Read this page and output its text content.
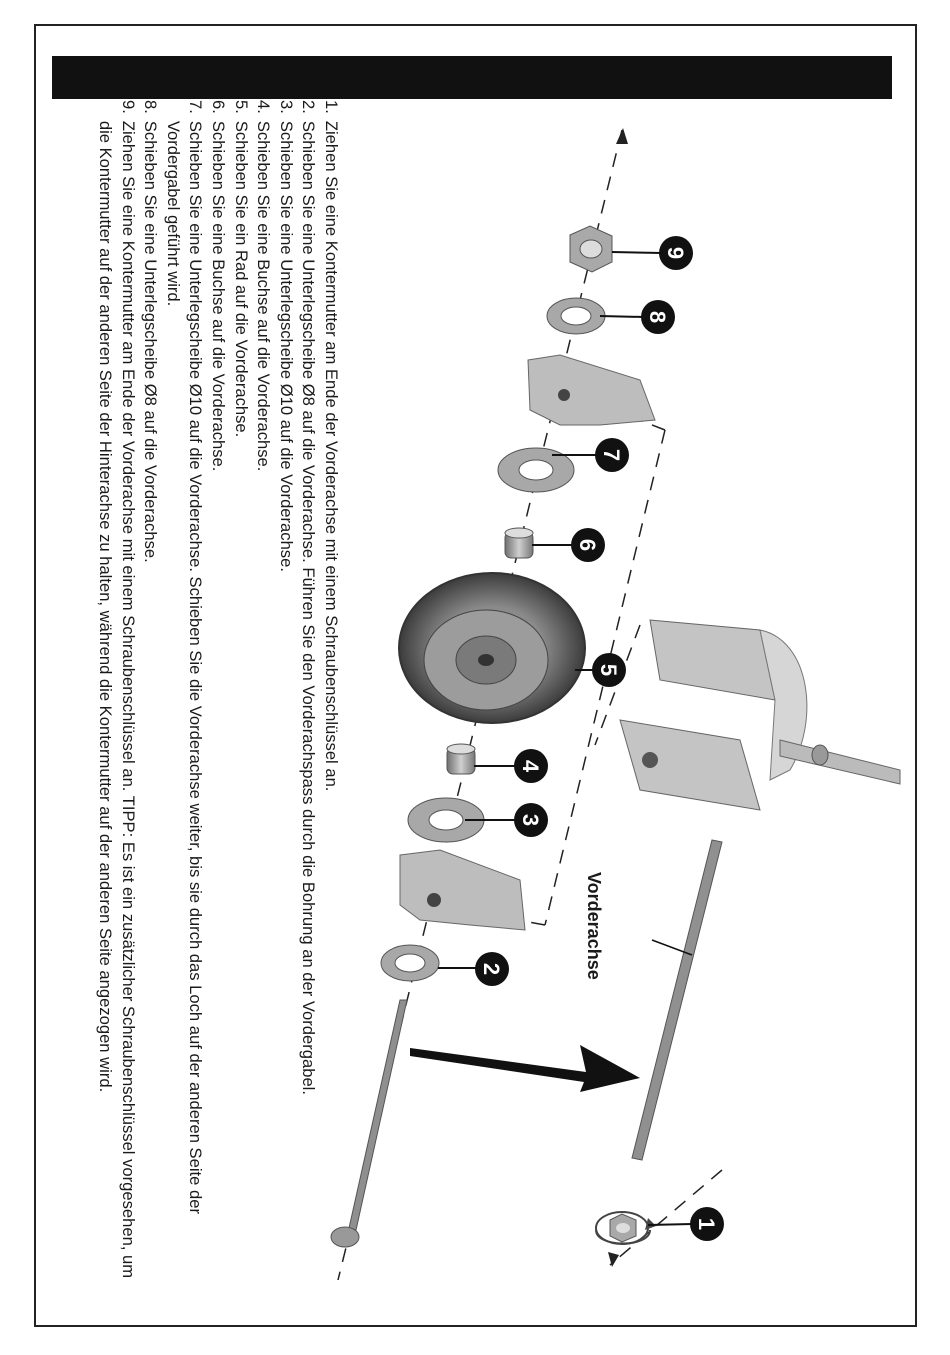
1.
Ziehen Sie eine Kontermutter am Ende der Vorderachse mit einem Schraubenschlüssel an.
2.
Schieben Sie eine Unterlegscheibe Ø8 auf die Vorderachse. Führen Sie den Vorderachspass durch die Bohrung an der Vordergabel.
3.
Schieben Sie eine Unterlegscheibe Ø10 auf die Vorderachse.
4.
Schieben Sie eine Buchse auf die Vorderachse.
5.
Schieben Sie ein Rad auf die Vorderachse.
6.
Schieben Sie eine Buchse auf die Vorderachse.
7.
Schieben Sie eine Unterlegscheibe Ø10 auf die Vorderachse. Schieben Sie die Vorderachse weiter, bis sie durch das Loch auf der anderen Seite der Vordergabel geführt wird.
8.
Schieben Sie eine Unterlegscheibe Ø8 auf die Vorderachse.
9.
Ziehen Sie eine Kontermutter am Ende der Vorderachse mit einem Schraubenschlüssel an. TIPP: Es ist ein zusätzlicher Schraubenschlüssel vorgesehen, um die Kontermutter auf der anderen Seite der Hinterachse zu halten, während die Kontermutter auf der anderen Seite angezogen wird.	9
8
7
6
5
4
3
2
1
Vorderachse
